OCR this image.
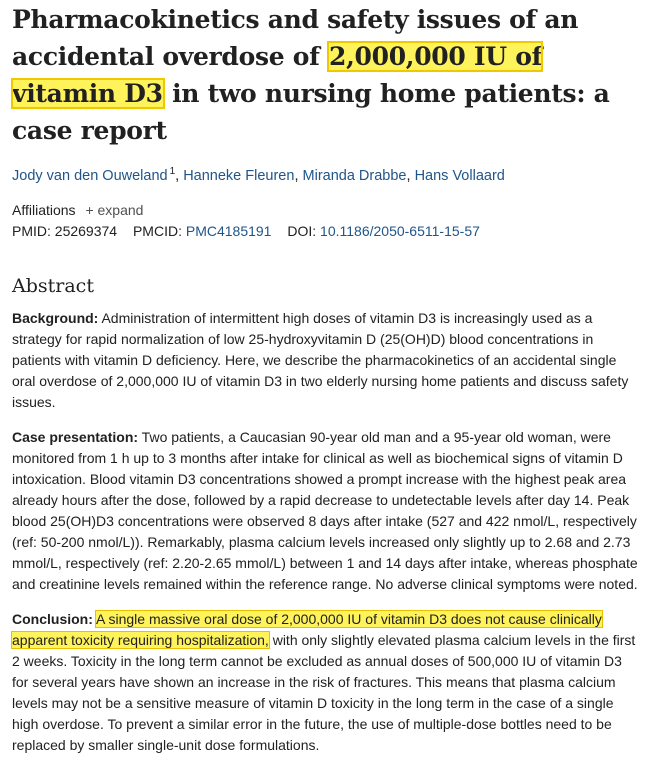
Pharmacokinetics and safety issues of an accidental overdose of 2,000,000 IU of vitamin D3 in two nursing home patients: a case report
Jody van den Ouweland $^1$, Hanneke Fleuren, Miranda Drabbe, Hans Vollaard
Affiliations + expand
PMID: 25269374 PMCID: PMC4185191 DOI: 10.1186/2050-6511-15-57
Abstract

Background: Administration of intermittent high doses of vitamin D3 is increasingly used as a strategy for rapid normalization of low 25-hydroxyvitamin D (25(OH)D) blood concentrations in patients with vitamin D deficiency. Here, we describe the pharmacokinetics of an accidental single oral overdose of 2,000,000 IU of vitamin D3 in two elderly nursing home patients and discuss safety issues.

Case presentation: Two patients, a Caucasian 90-year old man and a 95-year old woman, were monitored from 1 h up to 3 months after intake for clinical as well as biochemical signs of vitamin D intoxication. Blood vitamin D3 concentrations showed a prompt increase with the highest peak area already hours after the dose, followed by a rapid decrease to undetectable levels after day 14. Peak blood 25(OH)D3 concentrations were observed 8 days after intake (527 and 422 nmol/L, respectively (ref: 50-200 nmol/L)). Remarkably, plasma calcium levels increased only slightly up to 2.68 and 2.73 mmol/L, respectively (ref: 2.20-2.65 mmol/L) between 1 and 14 days after intake, whereas phosphate and creatinine levels remained within the reference range. No adverse clinical symptoms were noted.

Conclusion: A single massive oral dose of 2,000,000 IU of vitamin D3 does not cause clinically apparent toxicity requiring hospitalization, with only slightly elevated plasma calcium levels in the first 2 weeks. Toxicity in the long term cannot be excluded as annual doses of 500,000 IU of vitamin D3 for several years have shown an increase in the risk of fractures. This means that plasma calcium levels may not be a sensitive measure of vitamin D toxicity in the long term in the case of a single high overdose. To prevent a similar error in the future, the use of multiple-dose bottles need to be replaced by smaller single-unit dose formulations.
